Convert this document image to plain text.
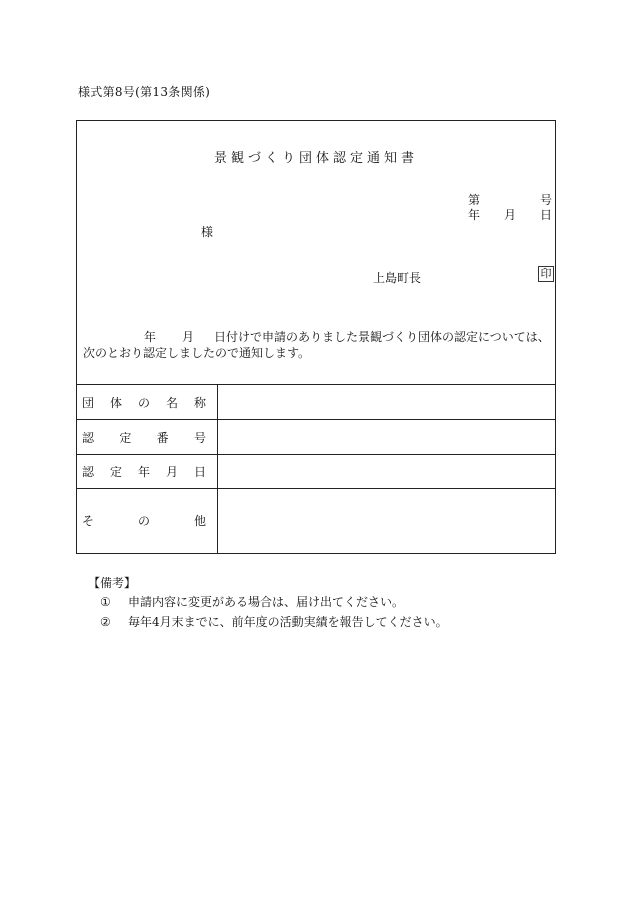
様式第8号(第13条関係)
景観づくり団体認定通知書
第	号
年 月 日
様
上島町長	印
年 月 日付けで申請のありました景観づくり団体の認定については、
次のとおり認定しましたので通知します。
団 体 の 名 称	

認 定 番 号	

認 定 年 月 日	

そ の 他	

【備考】
①	申請内容に変更がある場合は、届け出てください。
②	毎年4月末までに、前年度の活動実績を報告してください。
